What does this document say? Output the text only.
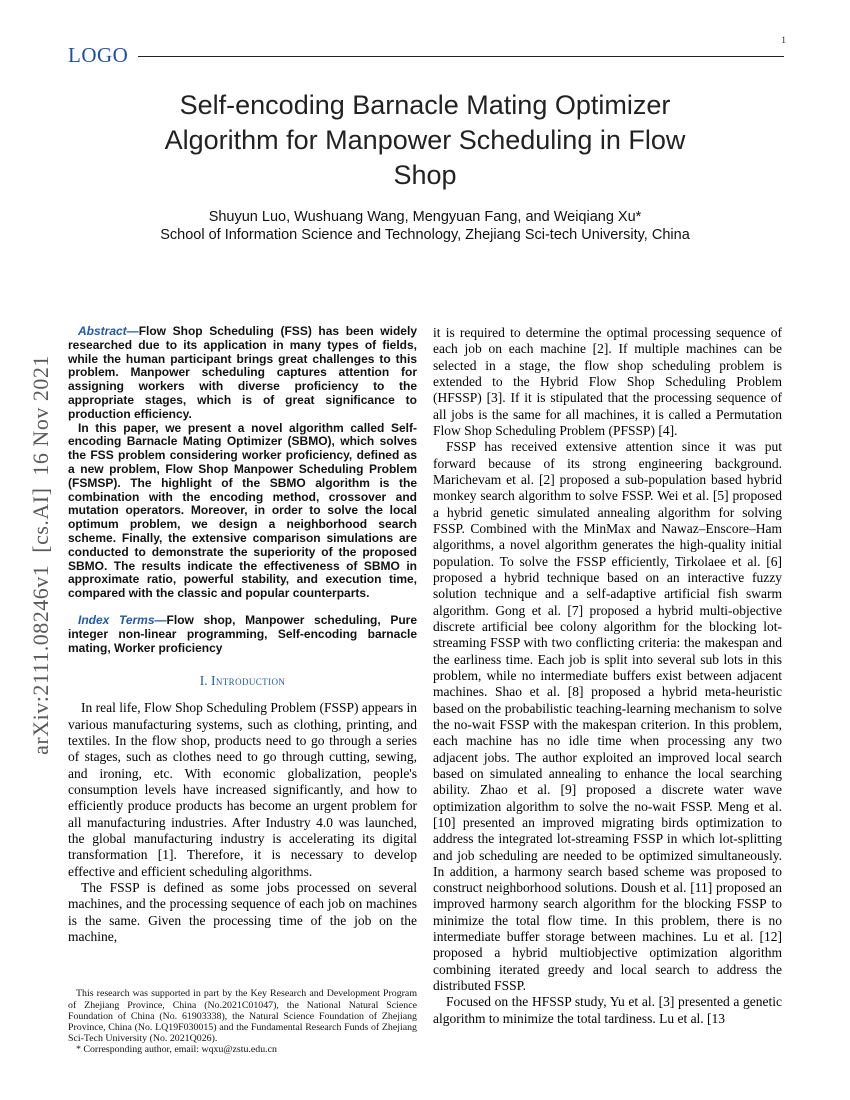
LOGO
1
arXiv:2111.08246v1  [cs.AI]  16 Nov 2021
Self-encoding Barnacle Mating Optimizer Algorithm for Manpower Scheduling in Flow Shop
Shuyun Luo, Wushuang Wang, Mengyuan Fang, and Weiqiang Xu*
School of Information Science and Technology, Zhejiang Sci-tech University, China

Abstract—Flow Shop Scheduling (FSS) has been widely researched due to its application in many types of fields, while the human participant brings great challenges to this problem. Manpower scheduling captures attention for assigning workers with diverse proficiency to the appropriate stages, which is of great significance to production efficiency.

In this paper, we present a novel algorithm called Self-encoding Barnacle Mating Optimizer (SBMO), which solves the FSS problem considering worker proficiency, defined as a new problem, Flow Shop Manpower Scheduling Problem (FSMSP). The highlight of the SBMO algorithm is the combination with the encoding method, crossover and mutation operators. Moreover, in order to solve the local optimum problem, we design a neighborhood search scheme. Finally, the extensive comparison simulations are conducted to demonstrate the superiority of the proposed SBMO. The results indicate the effectiveness of SBMO in approximate ratio, powerful stability, and execution time, compared with the classic and popular counterparts.

Index Terms—Flow shop, Manpower scheduling, Pure integer non-linear programming, Self-encoding barnacle mating, Worker proficiency

I. Introduction

In real life, Flow Shop Scheduling Problem (FSSP) appears in various manufacturing systems, such as clothing, printing, and textiles. In the flow shop, products need to go through a series of stages, such as clothes need to go through cutting, sewing, and ironing, etc. With economic globalization, people's consumption levels have increased significantly, and how to efficiently produce products has become an urgent problem for all manufacturing industries. After Industry 4.0 was launched, the global manufacturing industry is accelerating its digital transformation [1]. Therefore, it is necessary to develop effective and efficient scheduling algorithms.

The FSSP is defined as some jobs processed on several machines, and the processing sequence of each job on machines is the same. Given the processing time of the job on the machine,

This research was supported in part by the Key Research and Development Program of Zhejiang Province, China (No.2021C01047), the National Natural Science Foundation of China (No. 61903338), the Natural Science Foundation of Zhejiang Province, China (No. LQ19F030015) and the Fundamental Research Funds of Zhejiang Sci-Tech University (No. 2021Q026).

* Corresponding author, email: wqxu@zstu.edu.cn

it is required to determine the optimal processing sequence of each job on each machine [2]. If multiple machines can be selected in a stage, the flow shop scheduling problem is extended to the Hybrid Flow Shop Scheduling Problem (HFSSP) [3]. If it is stipulated that the processing sequence of all jobs is the same for all machines, it is called a Permutation Flow Shop Scheduling Problem (PFSSP) [4].

FSSP has received extensive attention since it was put forward because of its strong engineering background. Marichevam et al. [2] proposed a sub-population based hybrid monkey search algorithm to solve FSSP. Wei et al. [5] proposed a hybrid genetic simulated annealing algorithm for solving FSSP. Combined with the MinMax and Nawaz–Enscore–Ham algorithms, a novel algorithm generates the high-quality initial population. To solve the FSSP efficiently, Tirkolaee et al. [6] proposed a hybrid technique based on an interactive fuzzy solution technique and a self-adaptive artificial fish swarm algorithm. Gong et al. [7] proposed a hybrid multi-objective discrete artificial bee colony algorithm for the blocking lot-streaming FSSP with two conflicting criteria: the makespan and the earliness time. Each job is split into several sub lots in this problem, while no intermediate buffers exist between adjacent machines. Shao et al. [8] proposed a hybrid meta-heuristic based on the probabilistic teaching-learning mechanism to solve the no-wait FSSP with the makespan criterion. In this problem, each machine has no idle time when processing any two adjacent jobs. The author exploited an improved local search based on simulated annealing to enhance the local searching ability. Zhao et al. [9] proposed a discrete water wave optimization algorithm to solve the no-wait FSSP. Meng et al. [10] presented an improved migrating birds optimization to address the integrated lot-streaming FSSP in which lot-splitting and job scheduling are needed to be optimized simultaneously. In addition, a harmony search based scheme was proposed to construct neighborhood solutions. Doush et al. [11] proposed an improved harmony search algorithm for the blocking FSSP to minimize the total flow time. In this problem, there is no intermediate buffer storage between machines. Lu et al. [12] proposed a hybrid multiobjective optimization algorithm combining iterated greedy and local search to address the distributed FSSP.

Focused on the HFSSP study, Yu et al. [3] presented a genetic algorithm to minimize the total tardiness. Lu et al. [13
